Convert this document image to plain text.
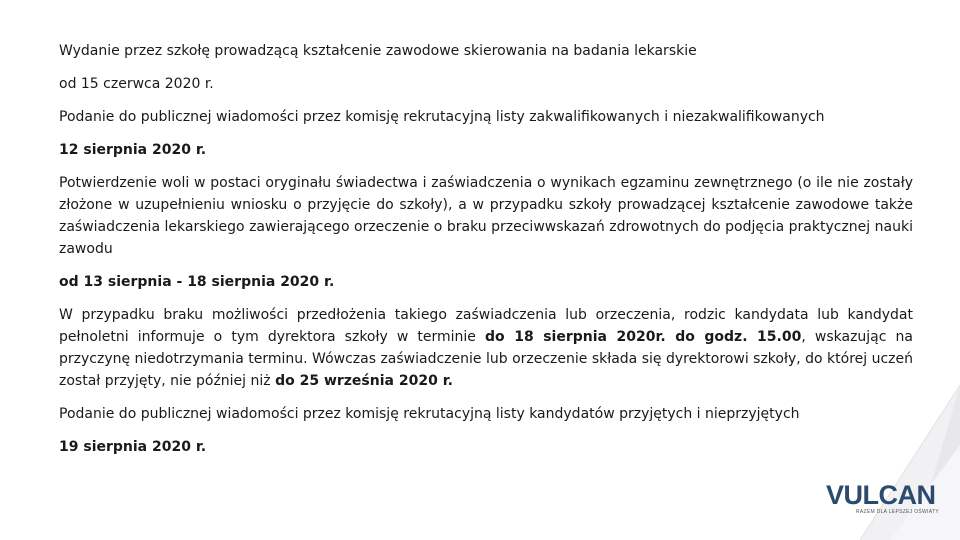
Wydanie przez szkołę prowadzącą kształcenie zawodowe skierowania na badania lekarskie

od 15 czerwca 2020 r.

Podanie do publicznej wiadomości przez komisję rekrutacyjną listy zakwalifikowanych i niezakwalifikowanych

12 sierpnia 2020 r.

Potwierdzenie woli w postaci oryginału świadectwa i zaświadczenia o wynikach egzaminu zewnętrznego (o ile nie zostały złożone w uzupełnieniu wniosku o przyjęcie do szkoły), a w przypadku szkoły prowadzącej kształcenie zawodowe także zaświadczenia lekarskiego zawierającego orzeczenie o braku przeciwwskazań zdrowotnych do podjęcia praktycznej nauki zawodu

od 13 sierpnia - 18 sierpnia 2020 r.

W przypadku braku możliwości przedłożenia takiego zaświadczenia lub orzeczenia, rodzic kandydata lub kandydat pełnoletni informuje o tym dyrektora szkoły w terminie do 18 sierpnia 2020r. do godz. 15.00, wskazując na przyczynę niedotrzymania terminu. Wówczas zaświadczenie lub orzeczenie składa się dyrektorowi szkoły, do której uczeń został przyjęty, nie później niż do 25 września 2020 r.

Podanie do publicznej wiadomości przez komisję rekrutacyjną listy kandydatów przyjętych i nieprzyjętych

19 sierpnia 2020 r.

VULCAN
RAZEM DLA LEPSZEJ OŚWIATY
